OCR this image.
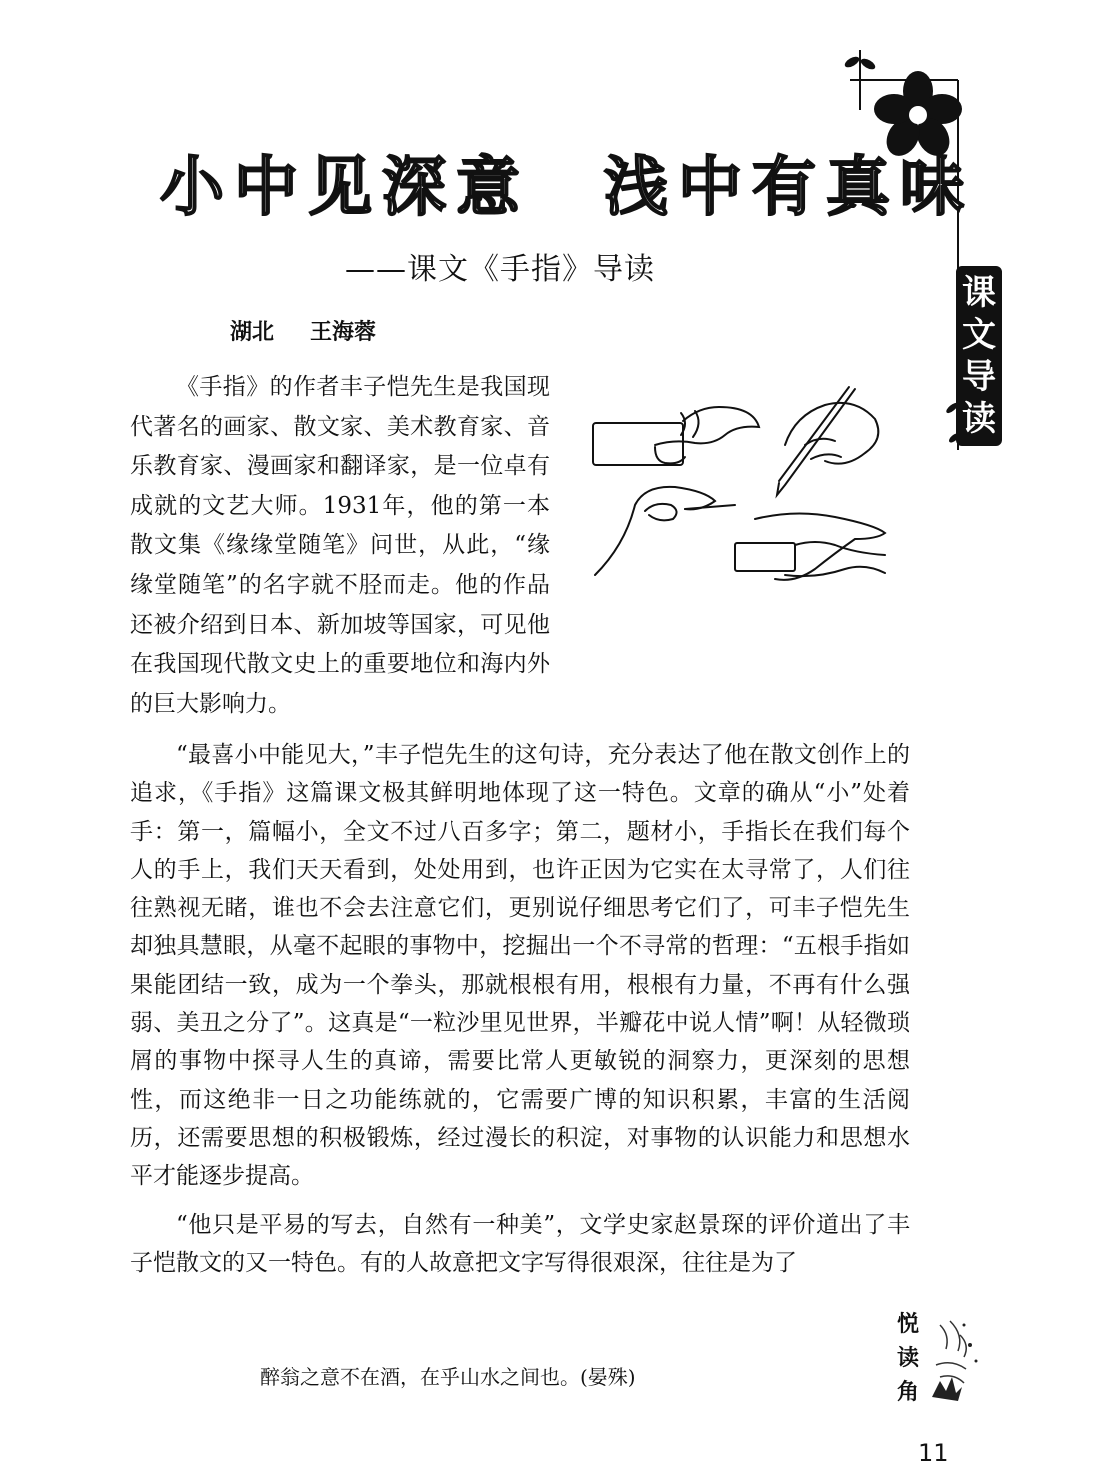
小中见深意　浅中有真味
——课文《手指》导读
湖北 王海蓉
课
文
导
读

《手指》的作者丰子恺先生是我国现代著名的画家、散文家、美术教育家、音乐教育家、漫画家和翻译家，是一位卓有成就的文艺大师。1931年，他的第一本散文集《缘缘堂随笔》问世，从此，“缘缘堂随笔”的名字就不胫而走。他的作品还被介绍到日本、新加坡等国家，可见他在我国现代散文史上的重要地位和海内外的巨大影响力。

“最喜小中能见大，”丰子恺先生的这句诗，充分表达了他在散文创作上的追求，《手指》这篇课文极其鲜明地体现了这一特色。文章的确从“小”处着手：第一，篇幅小，全文不过八百多字；第二，题材小，手指长在我们每个人的手上，我们天天看到，处处用到，也许正因为它实在太寻常了，人们往往熟视无睹，谁也不会去注意它们，更别说仔细思考它们了，可丰子恺先生却独具慧眼，从毫不起眼的事物中，挖掘出一个不寻常的哲理：“五根手指如果能团结一致，成为一个拳头，那就根根有用，根根有力量，不再有什么强弱、美丑之分了”。这真是“一粒沙里见世界，半瓣花中说人情”啊！从轻微琐屑的事物中探寻人生的真谛，需要比常人更敏锐的洞察力，更深刻的思想性，而这绝非一日之功能练就的，它需要广博的知识积累，丰富的生活阅历，还需要思想的积极锻炼，经过漫长的积淀，对事物的认识能力和思想水平才能逐步提高。

“他只是平易的写去，自然有一种美”，文学史家赵景琛的评价道出了丰子恺散文的又一特色。有的人故意把文字写得很艰深，往往是为了

悦
读
角
醉翁之意不在酒，在乎山水之间也。(晏殊)
11
